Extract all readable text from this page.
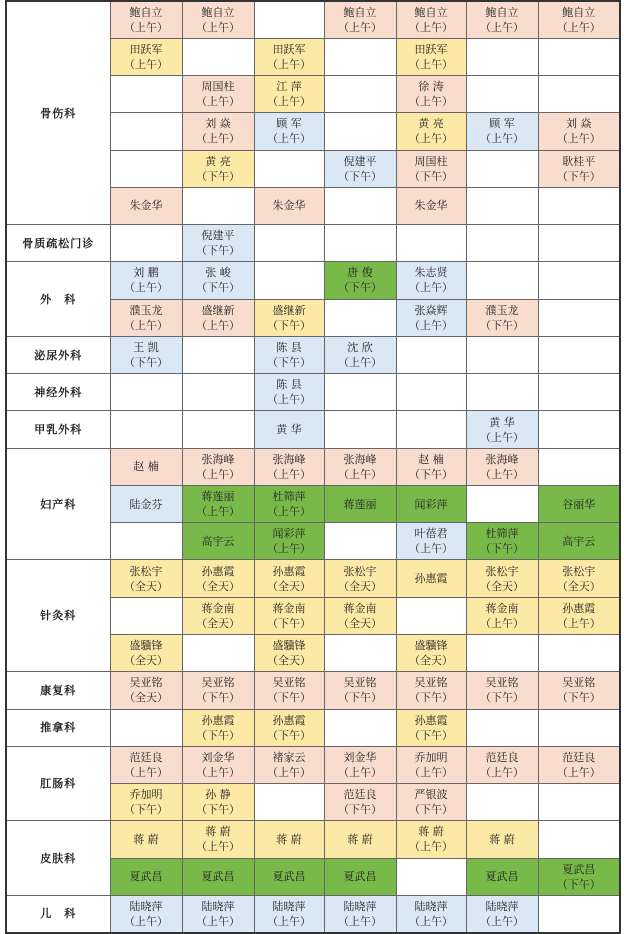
骨伤科	鲍自立
（上午）	鲍自立
（上午）		鲍自立
（上午）	鲍自立
（上午）	鲍自立
（上午）	鲍自立
（上午）

	田跃军
（上午）		田跃军
（上午）		田跃军
（上午）		

		周国柱
（上午）	江 萍
（上午）		徐 涛
（上午）		

		刘 焱
（上午）	顾 军
（上午）		黄 亮
（上午）	顾 军
（上午）	刘 焱
（上午）

		黄 亮
（下午）		倪建平
（下午）	周国柱
（下午）		耿桂平
（下午）

	朱金华		朱金华		朱金华		

骨质疏松门诊		倪建平
（下午）					

外　科	刘 鹏
（上午）	张 峻
（下午）		唐 俊
（下午）	朱志贤
（上午）		

	濮玉龙
（上午）	盛继新
（上午）	盛继新
（下午）		张焱辉
（上午）	濮玉龙
（下午）	

泌尿外科	王 凯
（下午）		陈 县
（下午）	沈 欣
（上午）			

神经外科			陈 县
（上午）				

甲乳外科			黄 华			黄 华
（上午）	

妇产科	赵 楠	张海峰
（上午）	张海峰
（上午）	张海峰
（上午）	赵 楠
（下午）	张海峰
（上午）	

	陆金芬	蒋莲丽
（上午）	杜筛萍
（上午）	蒋莲丽	闻彩萍		谷丽华

		高宇云	闻彩萍
（上午）		叶蓓君
（上午）	杜筛萍
（下午）	高宇云

针灸科	张松宇
（全天）	孙惠霞
（全天）	孙惠霞
（全天）	张松宇
（全天）	孙惠霞	张松宇
（全天）	张松宇
（全天）

		蒋金南
（全天）	蒋金南
（下午）	蒋金南
（全天）		蒋金南
（上午）	孙惠霞
（上午）

	盛驥锋
（全天）		盛驥锋
（全天）		盛驥锋
（全天）		

康复科	吴亚铭
（全天）	吴亚铭
（下午）	吴亚铭
（下午）	吴亚铭
（下午）	吴亚铭
（下午）	吴亚铭
（下午）	吴亚铭
（下午）

推拿科		孙惠霞
（下午）	孙惠霞
（下午）		孙惠霞
（下午）		

肛肠科	范廷良
（上午）	刘金华
（上午）	褚家云
（上午）	刘金华
（上午）	乔加明
（上午）	范廷良
（上午）	范廷良
（上午）

	乔加明
（下午）	孙 静
（下午）		范廷良
（下午）	严银波
（下午）		

皮肤科	蒋 蔚	蒋 蔚
（上午）	蒋 蔚	蒋 蔚	蒋 蔚
（上午）	蒋 蔚	

	夏武昌	夏武昌	夏武昌	夏武昌		夏武昌	夏武昌
（下午）

儿　科	陆晓萍
（上午）	陆晓萍
（上午）	陆晓萍
（上午）	陆晓萍
（上午）	陆晓萍
（上午）	陆晓萍
（上午）	
